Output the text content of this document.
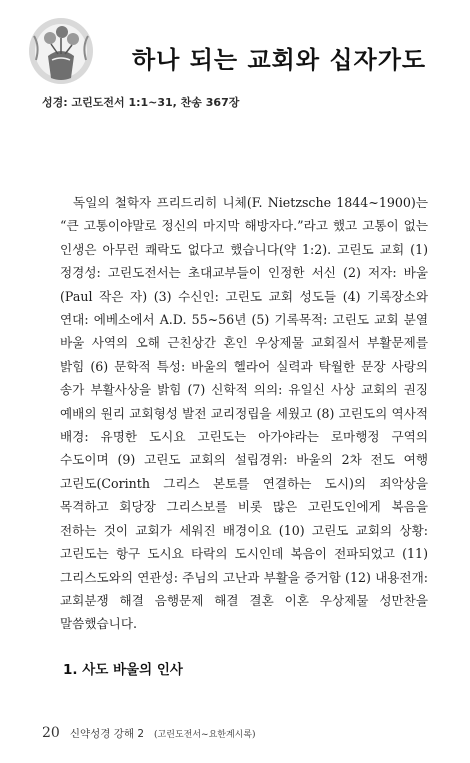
하나 되는 교회와 십자가도
성경: 고린도전서 1:1~31, 찬송 367장

독일의 철학자 프리드리히 니체(F. Nietzsche 1844~1900)는 “큰 고통이야말로 정신의 마지막 해방자다.”라고 했고 고통이 없는 인생은 아무런 쾌락도 없다고 했습니다(약 1:2). 고린도 교회 (1) 정경성: 고린도전서는 초대교부들이 인정한 서신 (2) 저자: 바울(Paul 작은 자) (3) 수신인: 고린도 교회 성도들 (4) 기록장소와 연대: 에베소에서 A.D. 55~56년 (5) 기록목적: 고린도 교회 분열 바울 사역의 오해 근친상간 혼인 우상제물 교회질서 부활문제를 밝힘 (6) 문학적 특성: 바울의 헬라어 실력과 탁월한 문장 사랑의 송가 부활사상을 밝힘 (7) 신학적 의의: 유일신 사상 교회의 권징 예배의 원리 교회형성 발전 교리정립을 세웠고 (8) 고린도의 역사적 배경: 유명한 도시요 고린도는 아가야라는 로마행정 구역의 수도이며 (9) 고린도 교회의 설립경위: 바울의 2차 전도 여행 고린도(Corinth 그리스 본토를 연결하는 도시)의 죄악상을 목격하고 회당장 그리스보를 비롯 많은 고린도인에게 복음을 전하는 것이 교회가 세워진 배경이요 (10) 고린도 교회의 상황: 고린도는 항구 도시요 타락의 도시인데 복음이 전파되었고 (11) 그리스도와의 연관성: 주님의 고난과 부활을 증거함 (12) 내용전개: 교회분쟁 해결 음행문제 해결 결혼 이혼 우상제물 성만찬을 말씀했습니다.

1. 사도 바울의 인사
20 신약성경 강해 2 (고린도전서~요한계시록)
